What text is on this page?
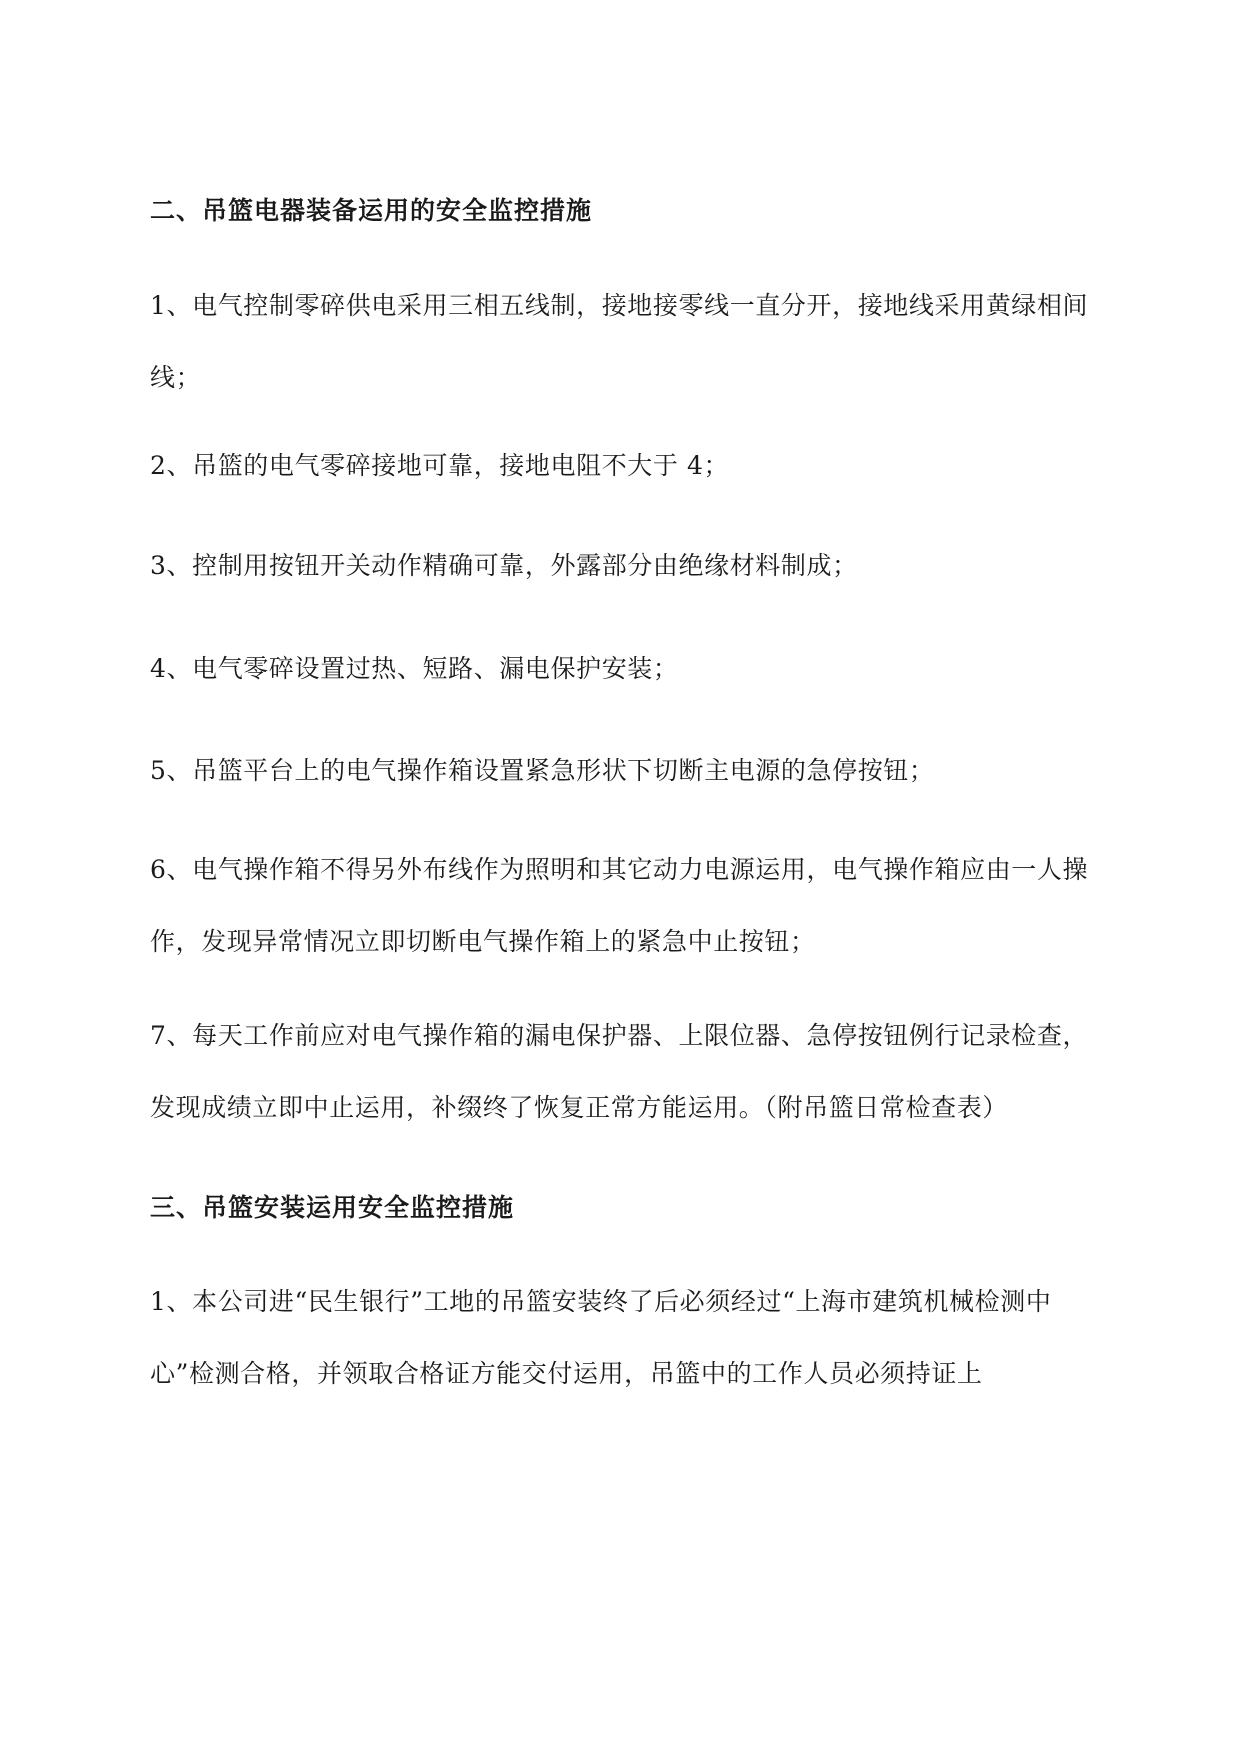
二、吊篮电器装备运用的安全监控措施
1、电气控制零碎供电采用三相五线制，接地接零线一直分开，接地线采用黄绿相间线；
2、吊篮的电气零碎接地可靠，接地电阻不大于 4；
3、控制用按钮开关动作精确可靠，外露部分由绝缘材料制成；
4、电气零碎设置过热、短路、漏电保护安装；
5、吊篮平台上的电气操作箱设置紧急形状下切断主电源的急停按钮；
6、电气操作箱不得另外布线作为照明和其它动力电源运用，电气操作箱应由一人操作，发现异常情况立即切断电气操作箱上的紧急中止按钮；
7、每天工作前应对电气操作箱的漏电保护器、上限位器、急停按钮例行记录检查，发现成绩立即中止运用，补缀终了恢复正常方能运用。（附吊篮日常检查表）
三、吊篮安装运用安全监控措施
1、本公司进“民生银行”工地的吊篮安装终了后必须经过“上海市建筑机械检测中心”检测合格，并领取合格证方能交付运用，吊篮中的工作人员必须持证上
